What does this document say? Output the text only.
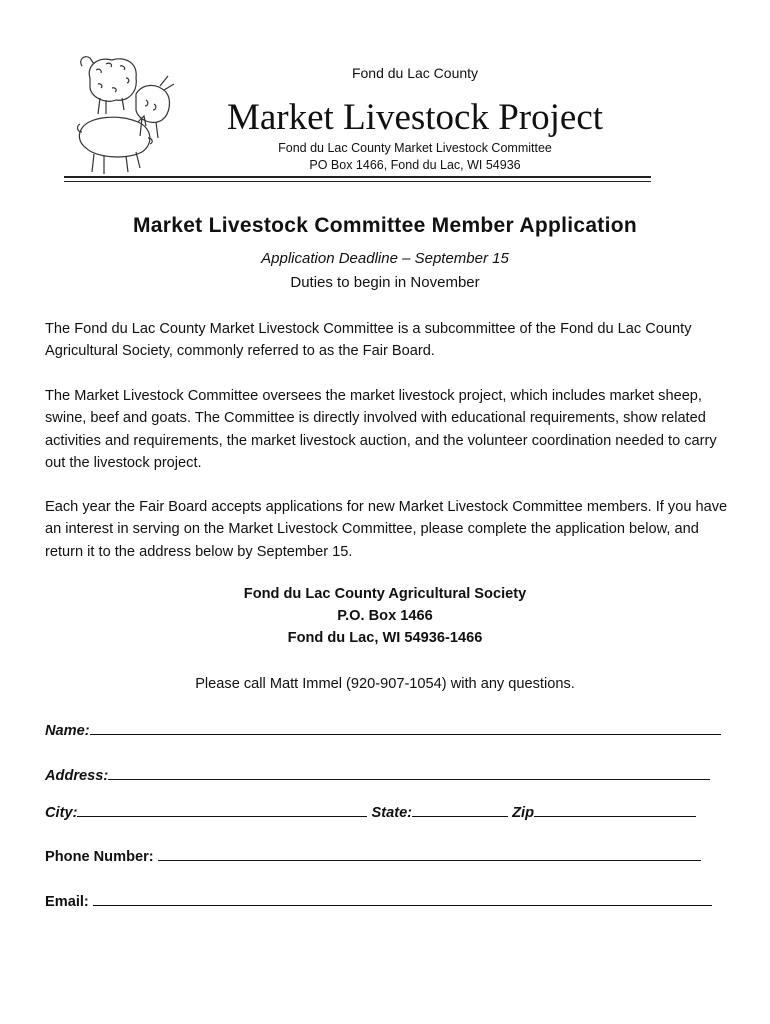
Fond du Lac County
Market Livestock Project
Fond du Lac County Market Livestock Committee
PO Box 1466, Fond du Lac, WI 54936
Market Livestock Committee Member Application
Application Deadline – September 15
Duties to begin in November

The Fond du Lac County Market Livestock Committee is a subcommittee of the Fond du Lac County Agricultural Society, commonly referred to as the Fair Board.

The Market Livestock Committee oversees the market livestock project, which includes market sheep, swine, beef and goats. The Committee is directly involved with educational requirements, show related activities and requirements, the market livestock auction, and the volunteer coordination needed to carry out the livestock project.

Each year the Fair Board accepts applications for new Market Livestock Committee members. If you have an interest in serving on the Market Livestock Committee, please complete the application below, and return it to the address below by September 15.

Fond du Lac County Agricultural Society
P.O. Box 1466
Fond du Lac, WI 54936-1466
Please call Matt Immel (920-907-1054) with any questions.
Name:
Address:
City:	State:	Zip
Phone Number:
Email:
